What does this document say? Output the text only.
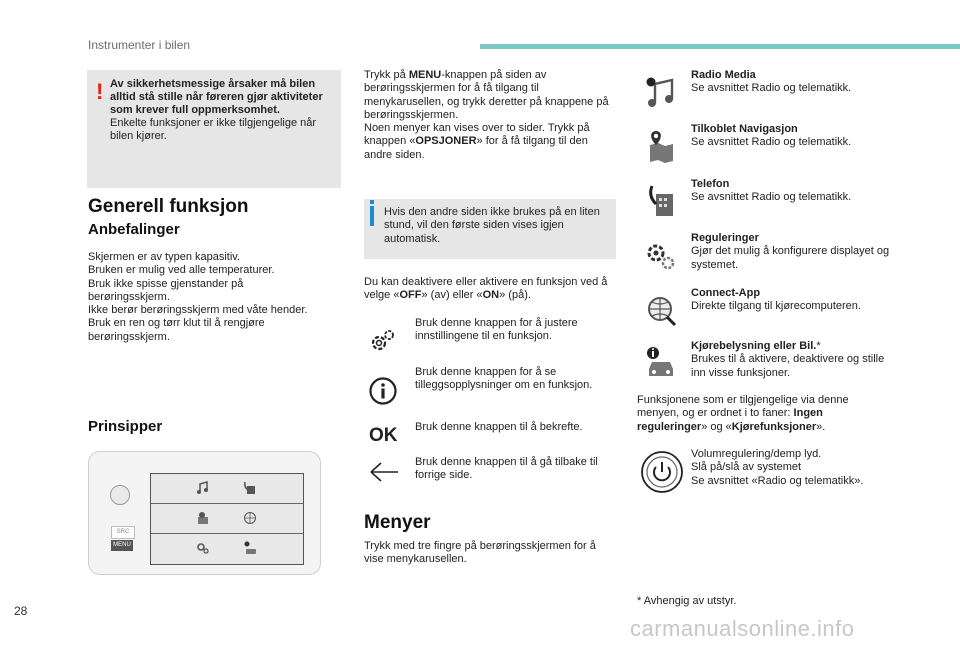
Instrumenter i bilen
! Av sikkerhetsmessige årsaker må bilen alltid stå stille når føreren gjør aktiviteter som krever full oppmerksomhet.
Enkelte funksjoner er ikke tilgjengelige når bilen kjører.
Generell funksjon
Anbefalinger
Skjermen er av typen kapasitiv.
Bruken er mulig ved alle temperaturer.
Bruk ikke spisse gjenstander på
berøringsskjerm.
Ikke berør berøringsskjerm med våte hender.
Bruk en ren og tørr klut til å rengjøre
berøringsskjerm.
Prinsipper
SRC
MENU
Trykk på MENU-knappen på siden av berøringsskjermen for å få tilgang til menykarusellen, og trykk deretter på knappene på berøringsskjermen.
Noen menyer kan vises over to sider. Trykk på knappen «OPSJONER» for å få tilgang til den andre siden.
Hvis den andre siden ikke brukes på en liten stund, vil den første siden vises igjen automatisk.
Du kan deaktivere eller aktivere en funksjon ved å velge «OFF» (av) eller «ON» (på).
Bruk denne knappen for å justere innstillingene til en funksjon.
Bruk denne knappen for å se tilleggsopplysninger om en funksjon.
OK Bruk denne knappen til å bekrefte.
Bruk denne knappen til å gå tilbake til forrige side.
Menyer
Trykk med tre fingre på berøringsskjermen for å vise menykarusellen.
Radio Media
Se avsnittet Radio og telematikk.
Tilkoblet Navigasjon
Se avsnittet Radio og telematikk.
Telefon
Se avsnittet Radio og telematikk.
Reguleringer
Gjør det mulig å konfigurere displayet og systemet.
Connect-App
Direkte tilgang til kjørecomputeren.
Kjørebelysning eller Bil.*
Brukes til å aktivere, deaktivere og stille inn visse funksjoner.
Funksjonene som er tilgjengelige via denne menyen, og er ordnet i to faner: Ingen reguleringer» og «Kjørefunksjoner».
Volumregulering/demp lyd.
Slå på/slå av systemet
Se avsnittet «Radio og telematikk».
* Avhengig av utstyr.
28
carmanualsonline.info
